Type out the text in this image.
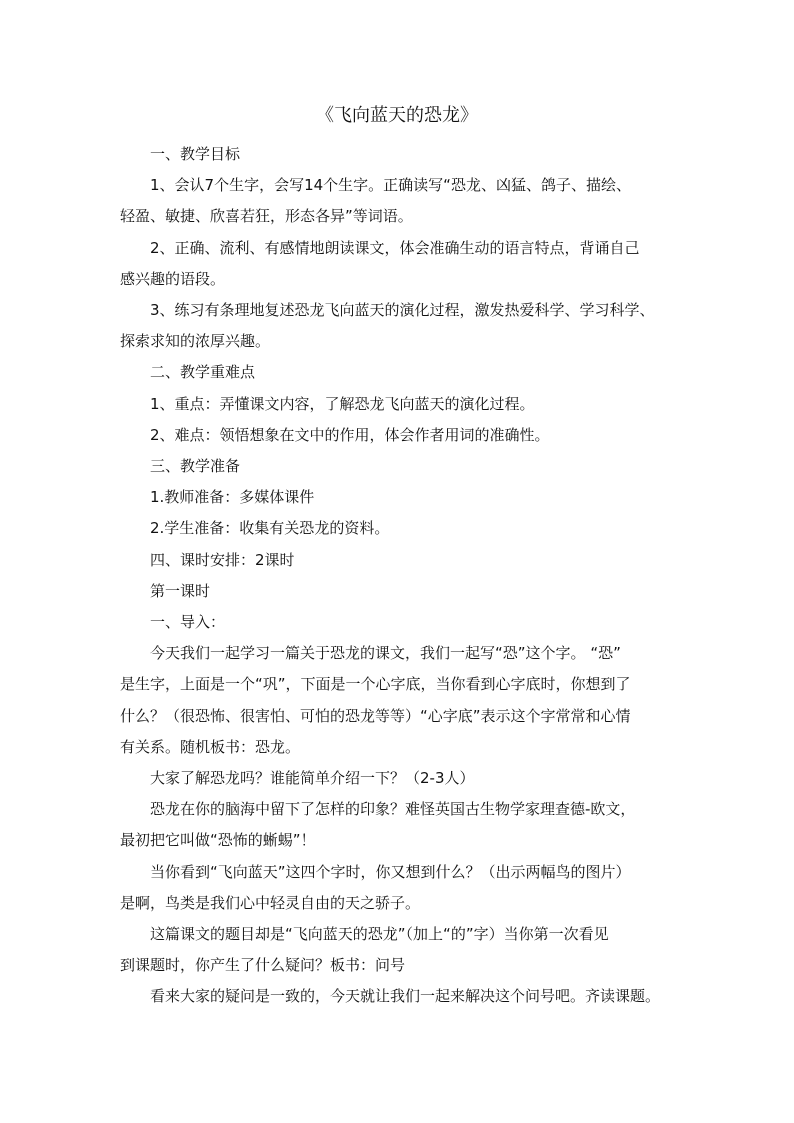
《飞向蓝天的恐龙》
一、教学目标
1、会认7个生字，会写14个生字。正确读写“恐龙、凶猛、鸽子、描绘、
轻盈、敏捷、欣喜若狂，形态各异”等词语。
2、正确、流利、有感情地朗读课文，体会准确生动的语言特点，背诵自己
感兴趣的语段。
3、练习有条理地复述恐龙飞向蓝天的演化过程，激发热爱科学、学习科学、
探索求知的浓厚兴趣。
二、教学重难点
1、重点：弄懂课文内容，了解恐龙飞向蓝天的演化过程。
2、难点：领悟想象在文中的作用，体会作者用词的准确性。
三、教学准备
1.教师准备：多媒体课件
2.学生准备：收集有关恐龙的资料。
四、课时安排：2课时
第一课时
一、导入：
今天我们一起学习一篇关于恐龙的课文，我们一起写“恐”这个字。 “恐”
是生字，上面是一个“巩”，下面是一个心字底，当你看到心字底时，你想到了
什么？（很恐怖、很害怕、可怕的恐龙等等）“心字底”表示这个字常常和心情
有关系。随机板书：恐龙。
大家了解恐龙吗？谁能简单介绍一下？（2-3人）
恐龙在你的脑海中留下了怎样的印象？难怪英国古生物学家理查德-欧文，
最初把它叫做“恐怖的蜥蜴”！
当你看到“飞向蓝天”这四个字时，你又想到什么？（出示两幅鸟的图片）
是啊，鸟类是我们心中轻灵自由的天之骄子。
这篇课文的题目却是“飞向蓝天的恐龙”（加上“的”字）当你第一次看见
到课题时，你产生了什么疑问？板书：问号
看来大家的疑问是一致的，今天就让我们一起来解决这个问号吧。齐读课题。
